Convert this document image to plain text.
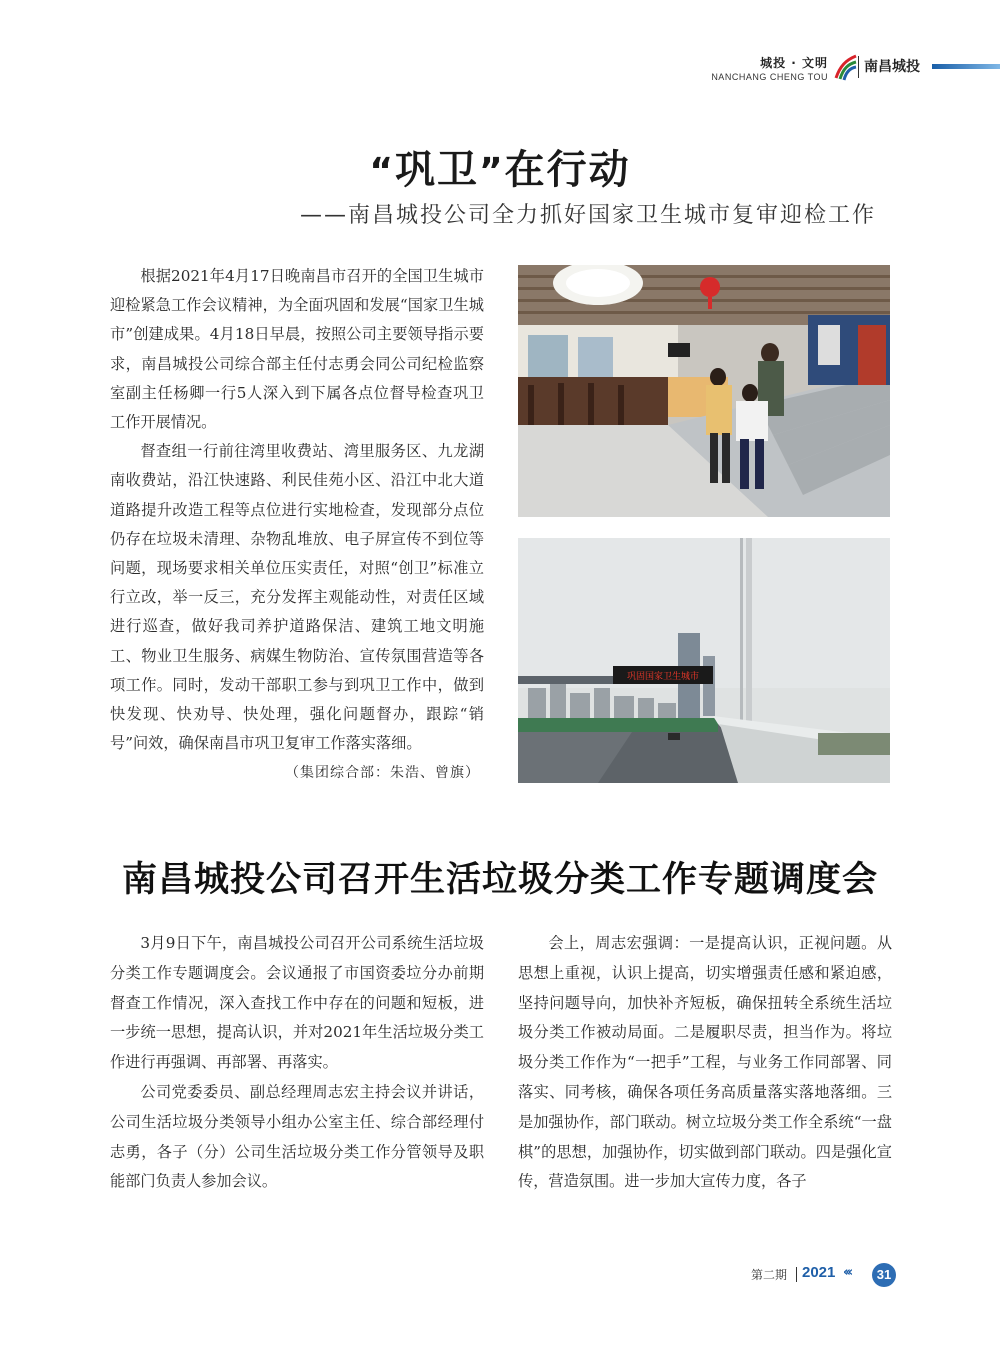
城投 · 文明
NANCHANG CHENG TOU
南昌城投
“巩卫”在行动
——南昌城投公司全力抓好国家卫生城市复审迎检工作

根据2021年4月17日晚南昌市召开的全国卫生城市迎检紧急工作会议精神，为全面巩固和发展“国家卫生城市”创建成果。4月18日早晨，按照公司主要领导指示要求，南昌城投公司综合部主任付志勇会同公司纪检监察室副主任杨卿一行5人深入到下属各点位督导检查巩卫工作开展情况。

督查组一行前往湾里收费站、湾里服务区、九龙湖南收费站，沿江快速路、利民佳苑小区、沿江中北大道道路提升改造工程等点位进行实地检查，发现部分点位仍存在垃圾未清理、杂物乱堆放、电子屏宣传不到位等问题，现场要求相关单位压实责任，对照“创卫”标准立行立改，举一反三，充分发挥主观能动性，对责任区域进行巡查，做好我司养护道路保洁、建筑工地文明施工、物业卫生服务、病媒生物防治、宣传氛围营造等各项工作。同时，发动干部职工参与到巩卫工作中，做到快发现、快劝导、快处理，强化问题督办，跟踪“销号”问效，确保南昌市巩卫复审工作落实落细。

（集团综合部：朱浩、曾旗）
巩固国家卫生城市
南昌城投公司召开生活垃圾分类工作专题调度会

3月9日下午，南昌城投公司召开公司系统生活垃圾分类工作专题调度会。会议通报了市国资委垃分办前期督查工作情况，深入查找工作中存在的问题和短板，进一步统一思想，提高认识，并对2021年生活垃圾分类工作进行再强调、再部署、再落实。

公司党委委员、副总经理周志宏主持会议并讲话，公司生活垃圾分类领导小组办公室主任、综合部经理付志勇，各子（分）公司生活垃圾分类工作分管领导及职能部门负责人参加会议。

会上，周志宏强调：一是提高认识，正视问题。从思想上重视，认识上提高，切实增强责任感和紧迫感，坚持问题导向，加快补齐短板，确保扭转全系统生活垃圾分类工作被动局面。二是履职尽责，担当作为。将垃圾分类工作作为“一把手”工程，与业务工作同部署、同落实、同考核，确保各项任务高质量落实落地落细。三是加强协作，部门联动。树立垃圾分类工作全系统“一盘棋”的思想，加强协作，切实做到部门联动。四是强化宣传，营造氛围。进一步加大宣传力度，各子

第二期 2021 ‹‹‹	31
